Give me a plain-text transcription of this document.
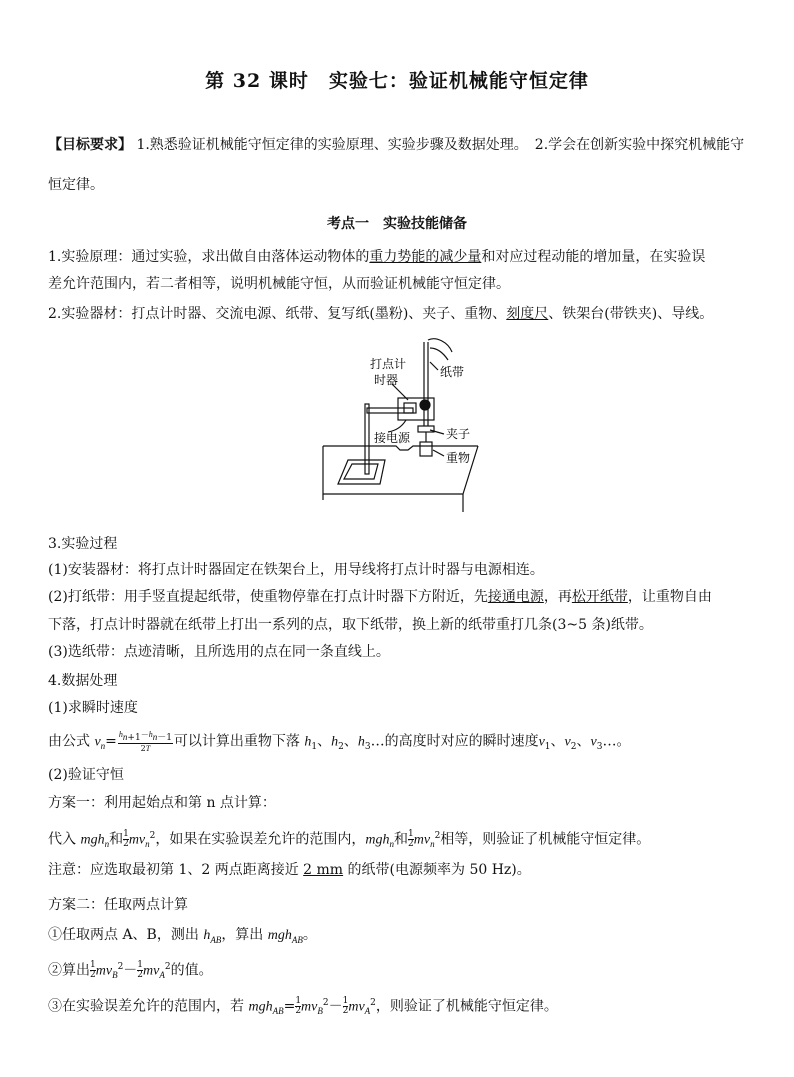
第 32 课时　实验七：验证机械能守恒定律
【目标要求】 1.熟悉验证机械能守恒定律的实验原理、实验步骤及数据处理。　2.学会在创新实验中探究机械能守
恒定律。
考点一　实验技能储备
1.实验原理：通过实验，求出做自由落体运动物体的重力势能的减少量和对应过程动能的增加量，在实验误
差允许范围内，若二者相等，说明机械能守恒，从而验证机械能守恒定律。
2.实验器材：打点计时器、交流电源、纸带、复写纸(墨粉)、夹子、重物、刻度尺、铁架台(带铁夹)、导线。
打点计
时器
纸带
接电源	夹子
重物
3.实验过程
(1)安装器材：将打点计时器固定在铁架台上，用导线将打点计时器与电源相连。
(2)打纸带：用手竖直提起纸带，使重物停靠在打点计时器下方附近，先接通电源，再松开纸带，让重物自由
下落，打点计时器就在纸带上打出一系列的点，取下纸带，换上新的纸带重打几条(3~5 条)纸带。
(3)选纸带：点迹清晰，且所选用的点在同一条直线上。
4.数据处理
(1)求瞬时速度
由公式 $v_n= \frac{h_{n+1}-h_{n-1}}{2T}$ 可以计算出重物下落 $h_1$、$h_2$、$h_3\dots$的高度时对应的瞬时速度$v_1$、$v_2$、$v_3\dots$。
(2)验证守恒
方案一：利用起始点和第 n 点计算：
代入 mgh$_n$和 $\frac{1}{2} mv_n^2$，如果在实验误差允许的范围内，mgh$_n$和 $\frac{1}{2} mv_n^2$相等，则验证了机械能守恒定律。
注意：应选取最初第 1、2 两点距离接近 2 mm 的纸带(电源频率为 50 Hz)。
方案二：任取两点计算
①任取两点 A、B，测出 $h_{AB}$，算出 mgh$_{AB}$。
②算出 $\frac{1}{2} mv_B^2- \frac{1}{2} mv_A^2$的值。
③在实验误差允许的范围内，若 $mgh_{AB}= \frac{1}{2} mv_B^2- \frac{1}{2} mv_A^2$，则验证了机械能守恒定律。
